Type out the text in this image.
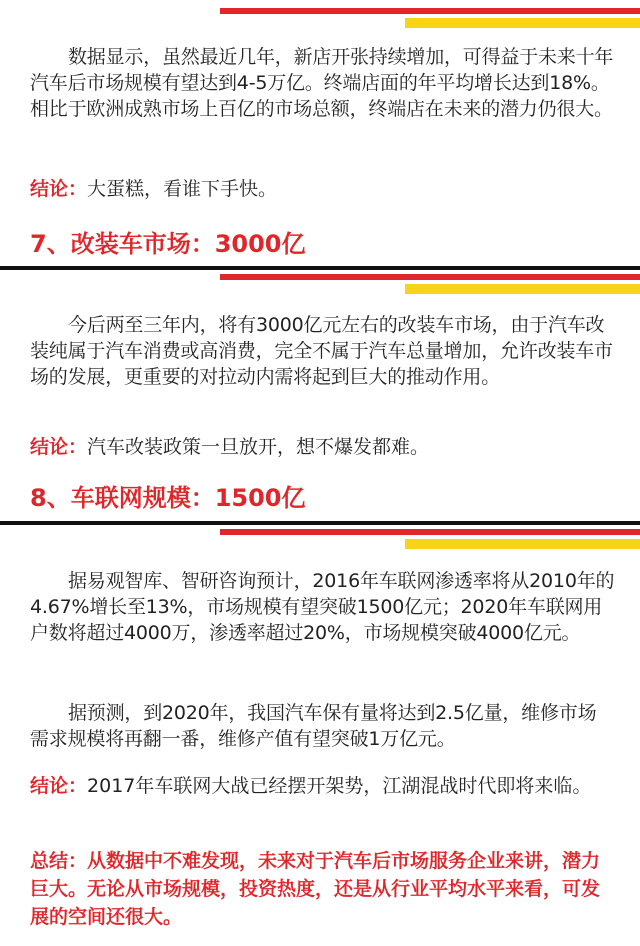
数据显示，虽然最近几年，新店开张持续增加，可得益于未来十年汽车后市场规模有望达到4-5万亿。终端店面的年平均增长达到18%。相比于欧洲成熟市场上百亿的市场总额，终端店在未来的潜力仍很大。

结论：大蛋糕，看谁下手快。

7、改装车市场：3000亿

今后两至三年内，将有3000亿元左右的改装车市场，由于汽车改装纯属于汽车消费或高消费，完全不属于汽车总量增加，允许改装车市场的发展，更重要的对拉动内需将起到巨大的推动作用。

结论：汽车改装政策一旦放开，想不爆发都难。

8、车联网规模：1500亿

据易观智库、智研咨询预计，2016年车联网渗透率将从2010年的4.67%增长至13%，市场规模有望突破1500亿元；2020年车联网用户数将超过4000万，渗透率超过20%，市场规模突破4000亿元。

据预测，到2020年，我国汽车保有量将达到2.5亿量，维修市场需求规模将再翻一番，维修产值有望突破1万亿元。

结论：2017年车联网大战已经摆开架势，江湖混战时代即将来临。

总结：从数据中不难发现，未来对于汽车后市场服务企业来讲，潜力巨大。无论从市场规模，投资热度，还是从行业平均水平来看，可发展的空间还很大。
